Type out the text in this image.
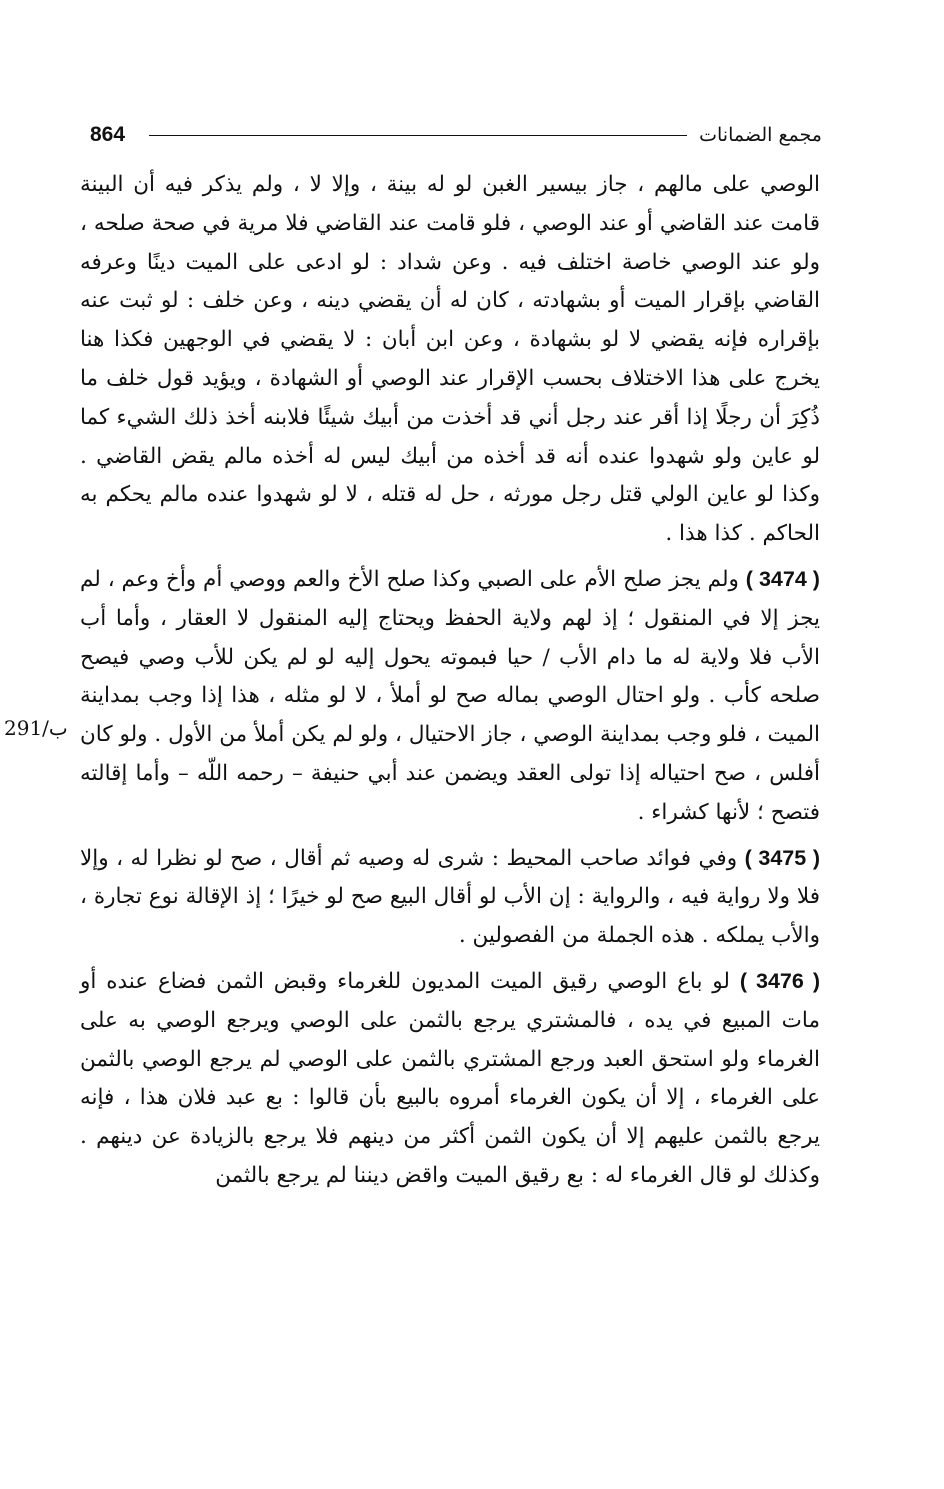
864	مجمع الضمانات
291/ب

الوصي على مالهم ، جاز بيسير الغبن لو له بينة ، وإلا لا ، ولم يذكر فيه أن البينة قامت عند القاضي أو عند الوصي ، فلو قامت عند القاضي فلا مرية في صحة صلحه ، ولو عند الوصي خاصة اختلف فيه . وعن شداد : لو ادعى على الميت دينًا وعرفه القاضي بإقرار الميت أو بشهادته ، كان له أن يقضي دينه ، وعن خلف : لو ثبت عنه بإقراره فإنه يقضي لا لو بشهادة ، وعن ابن أبان : لا يقضي في الوجهين فكذا هنا يخرج على هذا الاختلاف بحسب الإقرار عند الوصي أو الشهادة ، ويؤيد قول خلف ما ذُكِرَ أن رجلًا إذا أقر عند رجل أني قد أخذت من أبيك شيئًا فلابنه أخذ ذلك الشيء كما لو عاين ولو شهدوا عنده أنه قد أخذه من أبيك ليس له أخذه مالم يقض القاضي . وكذا لو عاين الولي قتل رجل مورثه ، حل له قتله ، لا لو شهدوا عنده مالم يحكم به الحاكم . كذا هذا .

( 3474 ) ولم يجز صلح الأم على الصبي وكذا صلح الأخ والعم ووصي أم وأخ وعم ، لم يجز إلا في المنقول ؛ إذ لهم ولاية الحفظ ويحتاج إليه المنقول لا العقار ، وأما أب الأب فلا ولاية له ما دام الأب / حيا فبموته يحول إليه لو لم يكن للأب وصي فيصح صلحه كأب . ولو احتال الوصي بماله صح لو أملأ ، لا لو مثله ، هذا إذا وجب بمداينة الميت ، فلو وجب بمداينة الوصي ، جاز الاحتيال ، ولو لم يكن أملأ من الأول . ولو كان أفلس ، صح احتياله إذا تولى العقد ويضمن عند أبي حنيفة – رحمه اللّه – وأما إقالته فتصح ؛ لأنها كشراء .

( 3475 ) وفي فوائد صاحب المحيط : شرى له وصيه ثم أقال ، صح لو نظرا له ، وإلا فلا ولا رواية فيه ، والرواية : إن الأب لو أقال البيع صح لو خيرًا ؛ إذ الإقالة نوع تجارة ، والأب يملكه . هذه الجملة من الفصولين .

( 3476 ) لو باع الوصي رقيق الميت المديون للغرماء وقبض الثمن فضاع عنده أو مات المبيع في يده ، فالمشتري يرجع بالثمن على الوصي ويرجع الوصي به على الغرماء ولو استحق العبد ورجع المشتري بالثمن على الوصي لم يرجع الوصي بالثمن على الغرماء ، إلا أن يكون الغرماء أمروه بالبيع بأن قالوا : بع عبد فلان هذا ، فإنه يرجع بالثمن عليهم إلا أن يكون الثمن أكثر من دينهم فلا يرجع بالزيادة عن دينهم . وكذلك لو قال الغرماء له : بع رقيق الميت واقض ديننا لم يرجع بالثمن
